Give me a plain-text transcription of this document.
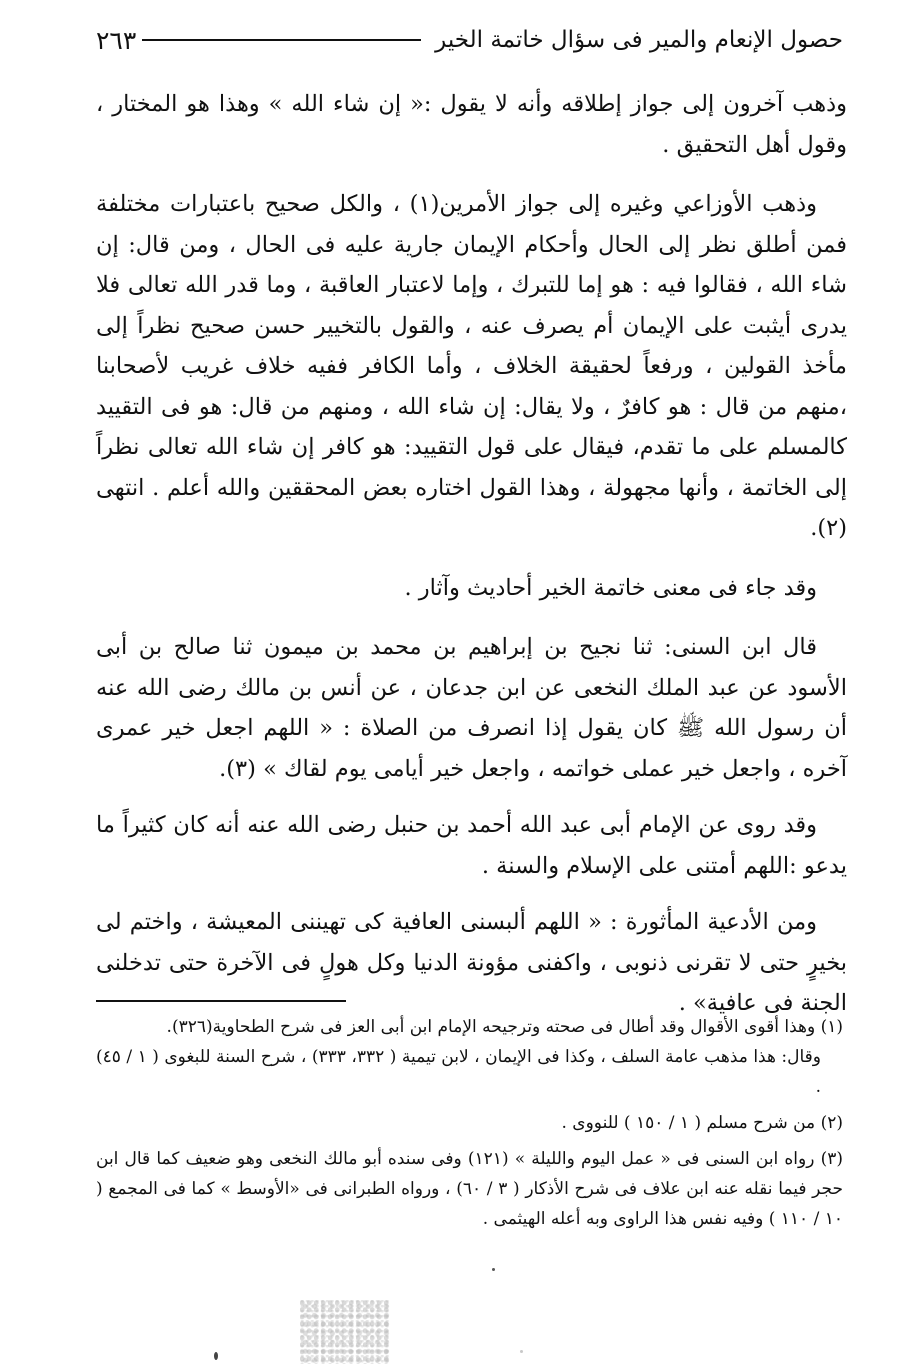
حصول الإنعام والمير فى سؤال خاتمة الخير
٢٦٣

وذهب آخرون إلى جواز إطلاقه وأنه لا يقول :« إن شاء الله » وهذا هو المختار ، وقول أهل التحقيق .

وذهب الأوزاعي وغيره إلى جواز الأمرين(١) ، والكل صحيح باعتبارات مختلفة فمن أطلق نظر إلى الحال وأحكام الإيمان جارية عليه فى الحال ، ومن قال: إن شاء الله ، فقالوا فيه : هو إما للتبرك ، وإما لاعتبار العاقبة ، وما قدر الله تعالى فلا يدرى أيثبت على الإيمان أم يصرف عنه ، والقول بالتخيير حسن صحيح نظراً إلى مأخذ القولين ، ورفعاً لحقيقة الخلاف ، وأما الكافر ففيه خلاف غريب لأصحابنا ،منهم من قال : هو كافرٌ ، ولا يقال: إن شاء الله ، ومنهم من قال: هو فى التقييد كالمسلم على ما تقدم، فيقال على قول التقييد: هو كافر إن شاء الله تعالى نظراً إلى الخاتمة ، وأنها مجهولة ، وهذا القول اختاره بعض المحققين والله أعلم . انتهى (٢).

وقد جاء فى معنى خاتمة الخير أحاديث وآثار .

قال ابن السنى: ثنا نجيح بن إبراهيم بن محمد بن ميمون ثنا صالح بن أبى الأسود عن عبد الملك النخعى عن ابن جدعان ، عن أنس بن مالك رضى الله عنه أن رسول الله ﷺ كان يقول إذا انصرف من الصلاة : « اللهم اجعل خير عمرى آخره ، واجعل خير عملى خواتمه ، واجعل خير أيامى يوم لقاك » (٣).

وقد روى عن الإمام أبى عبد الله أحمد بن حنبل رضى الله عنه أنه كان كثيراً ما يدعو :اللهم أمتنى على الإسلام والسنة .

ومن الأدعية المأثورة : « اللهم ألبسنى العافية كى تهيننى المعيشة ، واختم لى بخيرٍ حتى لا تقرنى ذنوبى ، واكفنى مؤونة الدنيا وكل هولٍ فى الآخرة حتى تدخلنى الجنة فى عافية» .

(١) وهذا أقوى الأقوال وقد أطال فى صحته وترجيحه الإمام ابن أبى العز فى شرح الطحاوية(٣٢٦).

وقال: هذا مذهب عامة السلف ، وكذا فى الإيمان ، لابن تيمية ( ٣٣٢، ٣٣٣) ، شرح السنة للبغوى ( ١ / ٤٥) .

(٢) من شرح مسلم ( ١ / ١٥٠ ) للنووى .

(٣) رواه ابن السنى فى « عمل اليوم والليلة » (١٢١) وفى سنده أبو مالك النخعى وهو ضعيف كما قال ابن حجر فيما نقله عنه ابن علاف فى شرح الأذكار ( ٣ / ٦٠) ، ورواه الطبرانى فى «الأوسط » كما فى المجمع ( ١٠ / ١١٠ ) وفيه نفس هذا الراوى وبه أعله الهيثمى .
